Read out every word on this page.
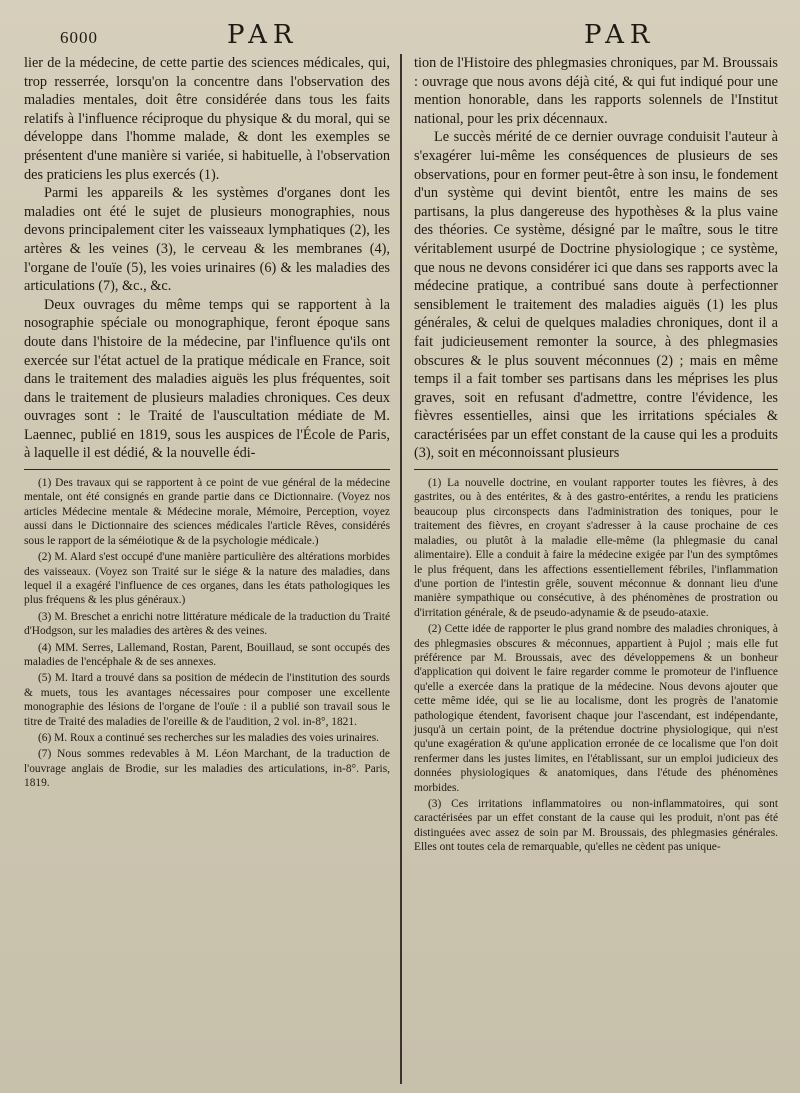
6000	PAR	PAR

lier de la médecine, de cette partie des sciences médicales, qui, trop resserrée, lorsqu'on la concentre dans l'observation des maladies mentales, doit être considérée dans tous les faits relatifs à l'influence réciproque du physique & du moral, qui se développe dans l'homme malade, & dont les exemples se présentent d'une manière si variée, si habituelle, à l'observation des praticiens les plus exercés (1).

Parmi les appareils & les systèmes d'organes dont les maladies ont été le sujet de plusieurs monographies, nous devons principalement citer les vaisseaux lymphatiques (2), les artères & les veines (3), le cerveau & les membranes (4), l'organe de l'ouïe (5), les voies urinaires (6) & les maladies des articulations (7), &c., &c.

Deux ouvrages du même temps qui se rapportent à la nosographie spéciale ou monographique, feront époque sans doute dans l'histoire de la médecine, par l'influence qu'ils ont exercée sur l'état actuel de la pratique médicale en France, soit dans le traitement des maladies aiguës les plus fréquentes, soit dans le traitement de plusieurs maladies chroniques. Ces deux ouvrages sont : le Traité de l'auscultation médiate de M. Laennec, publié en 1819, sous les auspices de l'École de Paris, à laquelle il est dédié, & la nouvelle édi-

(1) Des travaux qui se rapportent à ce point de vue général de la médecine mentale, ont été consignés en grande partie dans ce Dictionnaire. (Voyez nos articles Médecine mentale & Médecine morale, Mémoire, Perception, voyez aussi dans le Dictionnaire des sciences médicales l'article Rêves, considérés sous le rapport de la séméiotique & de la psychologie médicale.)

(2) M. Alard s'est occupé d'une manière particulière des altérations morbides des vaisseaux. (Voyez son Traité sur le siége & la nature des maladies, dans lequel il a exagéré l'influence de ces organes, dans les états pathologiques les plus fréquens & les plus généraux.)

(3) M. Breschet a enrichi notre littérature médicale de la traduction du Traité d'Hodgson, sur les maladies des artères & des veines.

(4) MM. Serres, Lallemand, Rostan, Parent, Bouillaud, se sont occupés des maladies de l'encéphale & de ses annexes.

(5) M. Itard a trouvé dans sa position de médecin de l'institution des sourds & muets, tous les avantages nécessaires pour composer une excellente monographie des lésions de l'organe de l'ouïe : il a publié son travail sous le titre de Traité des maladies de l'oreille & de l'audition, 2 vol. in-8°, 1821.

(6) M. Roux a continué ses recherches sur les maladies des voies urinaires.

(7) Nous sommes redevables à M. Léon Marchant, de la traduction de l'ouvrage anglais de Brodie, sur les maladies des articulations, in-8°. Paris, 1819.

tion de l'Histoire des phlegmasies chroniques, par M. Broussais : ouvrage que nous avons déjà cité, & qui fut indiqué pour une mention honorable, dans les rapports solennels de l'Institut national, pour les prix décennaux.

Le succès mérité de ce dernier ouvrage conduisit l'auteur à s'exagérer lui-même les conséquences de plusieurs de ses observations, pour en former peut-être à son insu, le fondement d'un système qui devint bientôt, entre les mains de ses partisans, la plus dangereuse des hypothèses & la plus vaine des théories. Ce système, désigné par le maître, sous le titre véritablement usurpé de Doctrine physiologique ; ce système, que nous ne devons considérer ici que dans ses rapports avec la médecine pratique, a contribué sans doute à perfectionner sensiblement le traitement des maladies aiguës (1) les plus générales, & celui de quelques maladies chroniques, dont il a fait judicieusement remonter la source, à des phlegmasies obscures & le plus souvent méconnues (2) ; mais en même temps il a fait tomber ses partisans dans les méprises les plus graves, soit en refusant d'admettre, contre l'évidence, les fièvres essentielles, ainsi que les irritations spéciales & caractérisées par un effet constant de la cause qui les a produits (3), soit en méconnoissant plusieurs

(1) La nouvelle doctrine, en voulant rapporter toutes les fièvres, à des gastrites, ou à des entérites, & à des gastro-entérites, a rendu les praticiens beaucoup plus circonspects dans l'administration des toniques, pour le traitement des fièvres, en croyant s'adresser à la cause prochaine de ces maladies, ou plutôt à la maladie elle-même (la phlegmasie du canal alimentaire). Elle a conduit à faire la médecine exigée par l'un des symptômes le plus fréquent, dans les affections essentiellement fébriles, l'inflammation d'une portion de l'intestin grêle, souvent méconnue & donnant lieu d'une manière sympathique ou consécutive, à des phénomènes de prostration ou d'irritation générale, & de pseudo-adynamie & de pseudo-ataxie.

(2) Cette idée de rapporter le plus grand nombre des maladies chroniques, à des phlegmasies obscures & méconnues, appartient à Pujol ; mais elle fut préférence par M. Broussais, avec des développemens & un bonheur d'application qui doivent le faire regarder comme le promoteur de l'influence qu'elle a exercée dans la pratique de la médecine. Nous devons ajouter que cette même idée, qui se lie au localisme, dont les progrès de l'anatomie pathologique étendent, favorisent chaque jour l'ascendant, est indépendante, jusqu'à un certain point, de la prétendue doctrine physiologique, qui n'est qu'une exagération & qu'une application erronée de ce localisme que l'on doit renfermer dans les justes limites, en l'établissant, sur un emploi judicieux des données physiologiques & anatomiques, dans l'étude des phénomènes morbides.

(3) Ces irritations inflammatoires ou non-inflammatoires, qui sont caractérisées par un effet constant de la cause qui les produit, n'ont pas été distinguées avec assez de soin par M. Broussais, des phlegmasies générales. Elles ont toutes cela de remarquable, qu'elles ne cèdent pas unique-
